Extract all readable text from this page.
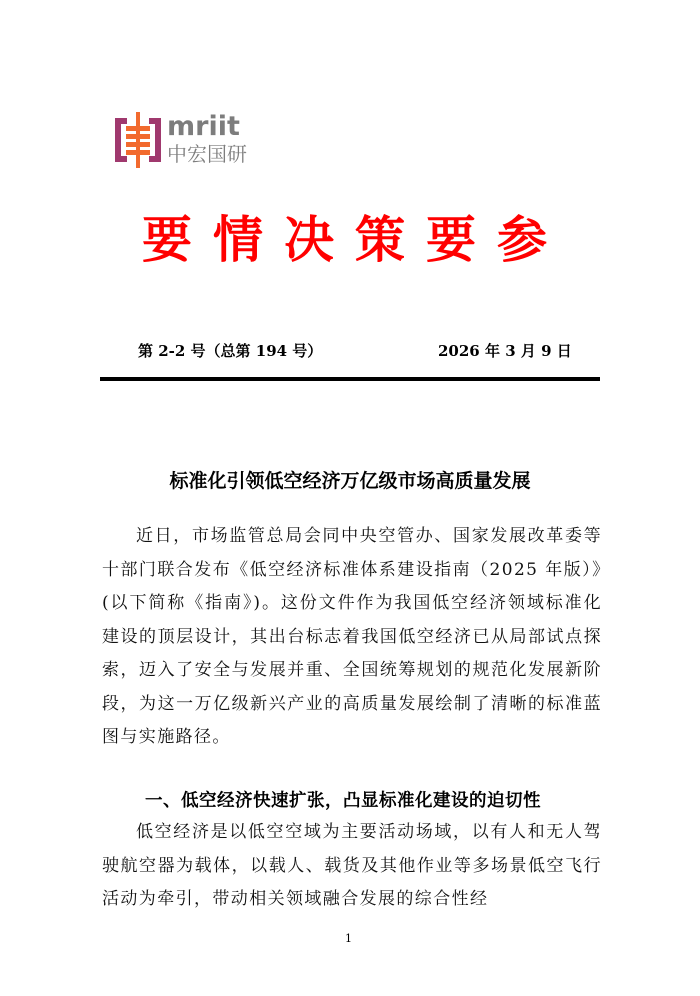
mriit
中宏国研
要情决策要参
第 2-2 号（总第 194 号）	2026 年 3 月 9 日
标准化引领低空经济万亿级市场高质量发展
近日，市场监管总局会同中央空管办、国家发展改革委等十部门联合发布《低空经济标准体系建设指南（2025 年版）》(以下简称《指南》)。这份文件作为我国低空经济领域标准化建设的顶层设计，其出台标志着我国低空经济已从局部试点探索，迈入了安全与发展并重、全国统筹规划的规范化发展新阶段，为这一万亿级新兴产业的高质量发展绘制了清晰的标准蓝图与实施路径。
一、低空经济快速扩张，凸显标准化建设的迫切性
低空经济是以低空空域为主要活动场域，以有人和无人驾驶航空器为载体，以载人、载货及其他作业等多场景低空飞行活动为牵引，带动相关领域融合发展的综合性经
1
